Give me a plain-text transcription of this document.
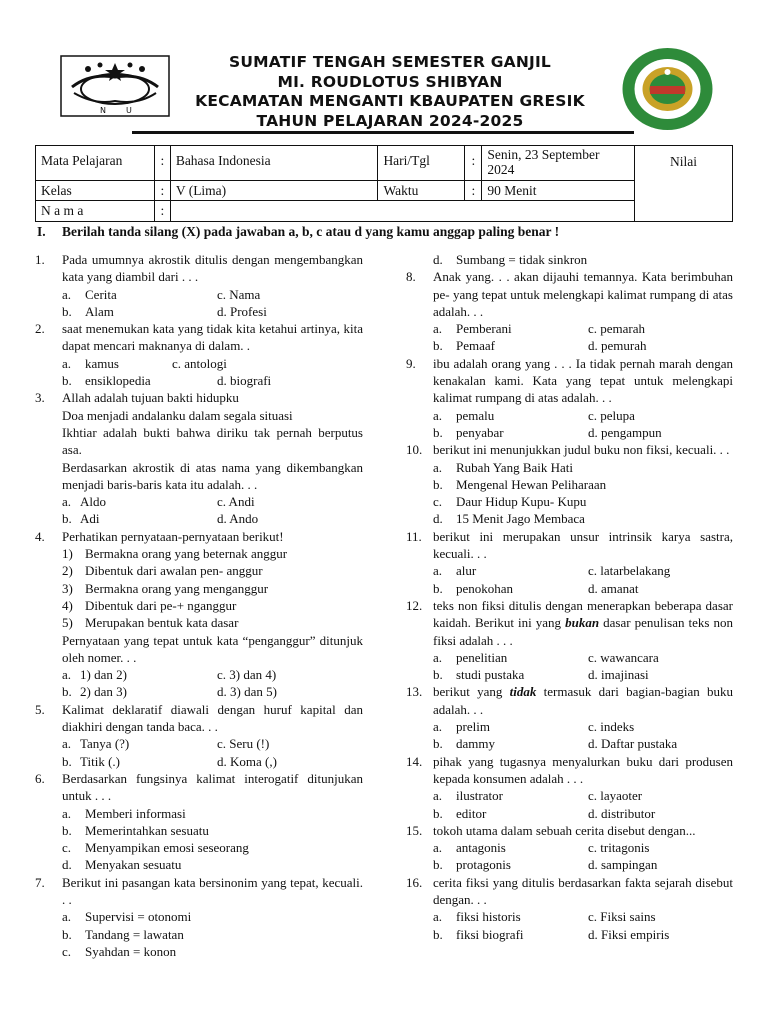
N	U
SUMATIF TENGAH SEMESTER GANJIL
MI. ROUDLOTUS SHIBYAN
KECAMATAN MENGANTI KBAUPATEN GRESIK
TAHUN PELAJARAN 2024-2025
Mata Pelajaran	:	Bahasa Indonesia	Hari/Tgl	:	Senin, 23 September 2024	Nilai
Kelas	:	V (Lima)	Waktu	:	90 Menit	
N a m a	:					
I. Berilah tanda silang (X) pada jawaban a, b, c atau d yang kamu anggap paling benar !
1. Pada umumnya akrostik ditulis dengan mengembangkan kata yang diambil dari . . .
a. Cerita	c. Nama
b. Alam	d. Profesi
2. saat menemukan kata yang tidak kita ketahui artinya, kita dapat mencari maknanya di dalam. .
a. kamus	c. antologi
b. ensiklopedia	d. biografi
3. Allah adalah tujuan bakti hidupku
Doa menjadi andalanku dalam segala situasi
Ikhtiar adalah bukti bahwa diriku tak pernah berputus asa.
Berdasarkan akrostik di atas nama yang dikembangkan menjadi baris-baris kata itu adalah. . .
a. Aldo	c. Andi
b. Adi	d. Ando
4. Perhatikan pernyataan-pernyataan berikut!
1) Bermakna orang yang beternak anggur
2) Dibentuk dari awalan pen- anggur
3) Bermakna orang yang menganggur
4) Dibentuk dari pe-+ nganggur
5) Merupakan bentuk kata dasar
Pernyataan yang tepat untuk kata “penganggur” ditunjuk oleh nomer. . .
a. 1) dan 2)	c. 3) dan 4)
b. 2) dan 3)	d. 3) dan 5)
5. Kalimat deklaratif diawali dengan huruf kapital dan diakhiri dengan tanda baca. . .
a. Tanya (?)	c. Seru (!)
b. Titik (.)	d. Koma (,)
6. Berdasarkan fungsinya kalimat interogatif ditunjukan untuk . . .
a. Memberi informasi
b. Memerintahkan sesuatu
c. Menyampikan emosi seseorang
d. Menyakan sesuatu
7. Berikut ini pasangan kata bersinonim yang tepat, kecuali. . .
a. Supervisi = otonomi
b. Tandang = lawatan
c. Syahdan = konon
d. Sumbang = tidak sinkron
8. Anak yang. . . akan dijauhi temannya. Kata berimbuhan pe- yang tepat untuk melengkapi kalimat rumpang di atas adalah. . .
a. Pemberani	c. pemarah
b. Pemaaf	d. pemurah
9. ibu adalah orang yang . . . Ia tidak pernah marah dengan kenakalan kami. Kata yang tepat untuk melengkapi kalimat rumpang di atas adalah. . .
a. pemalu	c. pelupa
b. penyabar	d. pengampun
10. berikut ini menunjukkan judul buku non fiksi, kecuali. . .
a. Rubah Yang Baik Hati
b. Mengenal Hewan Peliharaan
c. Daur Hidup Kupu- Kupu
d. 15 Menit Jago Membaca
11. berikut ini merupakan unsur intrinsik karya sastra, kecuali. . .
a. alur	c. latarbelakang
b. penokohan	d. amanat
12. teks non fiksi ditulis dengan menerapkan beberapa dasar kaidah. Berikut ini yang bukan dasar penulisan teks non fiksi adalah . . .
a. penelitian	c. wawancara
b. studi pustaka	d. imajinasi
13. berikut yang tidak termasuk dari bagian-bagian buku adalah. . .
a. prelim	c. indeks
b. dammy	d. Daftar pustaka
14. pihak yang tugasnya menyalurkan buku dari produsen kepada konsumen adalah . . .
a. ilustrator	c. layaoter
b. editor	d. distributor
15. tokoh utama dalam sebuah cerita disebut dengan...
a. antagonis	c. tritagonis
b. protagonis	d. sampingan
16. cerita fiksi yang ditulis berdasarkan fakta sejarah disebut dengan. . .
a. fiksi historis	c. Fiksi sains
b. fiksi biografi	d. Fiksi empiris
